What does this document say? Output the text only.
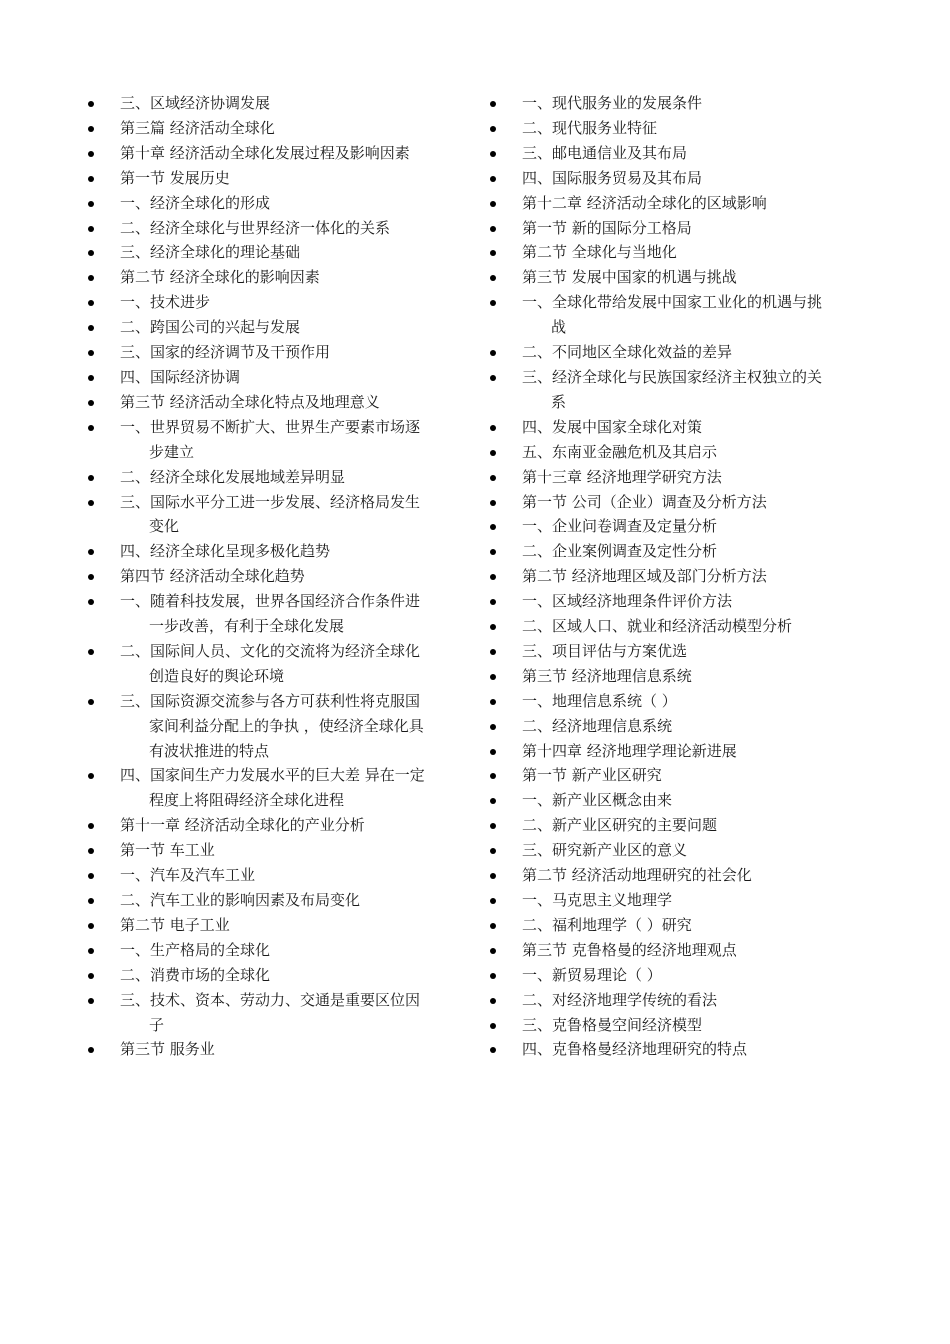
三、区域经济协调发展
第三篇 经济活动全球化
第十章 经济活动全球化发展过程及影响因素
第一节 发展历史
一、经济全球化的形成
二、经济全球化与世界经济一体化的关系
三、经济全球化的理论基础
第二节 经济全球化的影响因素
一、技术进步
二、跨国公司的兴起与发展
三、国家的经济调节及干预作用
四、国际经济协调
第三节 经济活动全球化特点及地理意义
一、世界贸易不断扩大、世界生产要素市场逐
步建立
二、经济全球化发展地域差异明显
三、国际水平分工进一步发展、经济格局发生
变化
四、经济全球化呈现多极化趋势
第四节 经济活动全球化趋势
一、随着科技发展，世界各国经济合作条件进
一步改善，有利于全球化发展
二、国际间人员、文化的交流将为经济全球化
创造良好的舆论环境
三、国际资源交流参与各方可获利性将克服国
家间利益分配上的争执 ，使经济全球化具
有波状推进的特点
四、国家间生产力发展水平的巨大差 异在一定
程度上将阻碍经济全球化进程
第十一章 经济活动全球化的产业分析
第一节 车工业
一、汽车及汽车工业
二、汽车工业的影响因素及布局变化
第二节 电子工业
一、生产格局的全球化
二、消费市场的全球化
三、技术、资本、劳动力、交通是重要区位因
子
第三节 服务业
一、现代服务业的发展条件
二、现代服务业特征
三、邮电通信业及其布局
四、国际服务贸易及其布局
第十二章 经济活动全球化的区域影响
第一节 新的国际分工格局
第二节 全球化与当地化
第三节 发展中国家的机遇与挑战
一、全球化带给发展中国家工业化的机遇与挑
战
二、不同地区全球化效益的差异
三、经济全球化与民族国家经济主权独立的关
系
四、发展中国家全球化对策
五、东南亚金融危机及其启示
第十三章 经济地理学研究方法
第一节 公司（企业）调查及分析方法
一、企业问卷调查及定量分析
二、企业案例调查及定性分析
第二节 经济地理区域及部门分析方法
一、区域经济地理条件评价方法
二、区域人口、就业和经济活动模型分析
三、项目评估与方案优选
第三节 经济地理信息系统
一、地理信息系统（ ）
二、经济地理信息系统
第十四章 经济地理学理论新进展
第一节 新产业区研究
一、新产业区概念由来
二、新产业区研究的主要问题
三、研究新产业区的意义
第二节 经济活动地理研究的社会化
一、马克思主义地理学
二、福利地理学（ ）研究
第三节 克鲁格曼的经济地理观点
一、新贸易理论（ ）
二、对经济地理学传统的看法
三、克鲁格曼空间经济模型
四、克鲁格曼经济地理研究的特点
